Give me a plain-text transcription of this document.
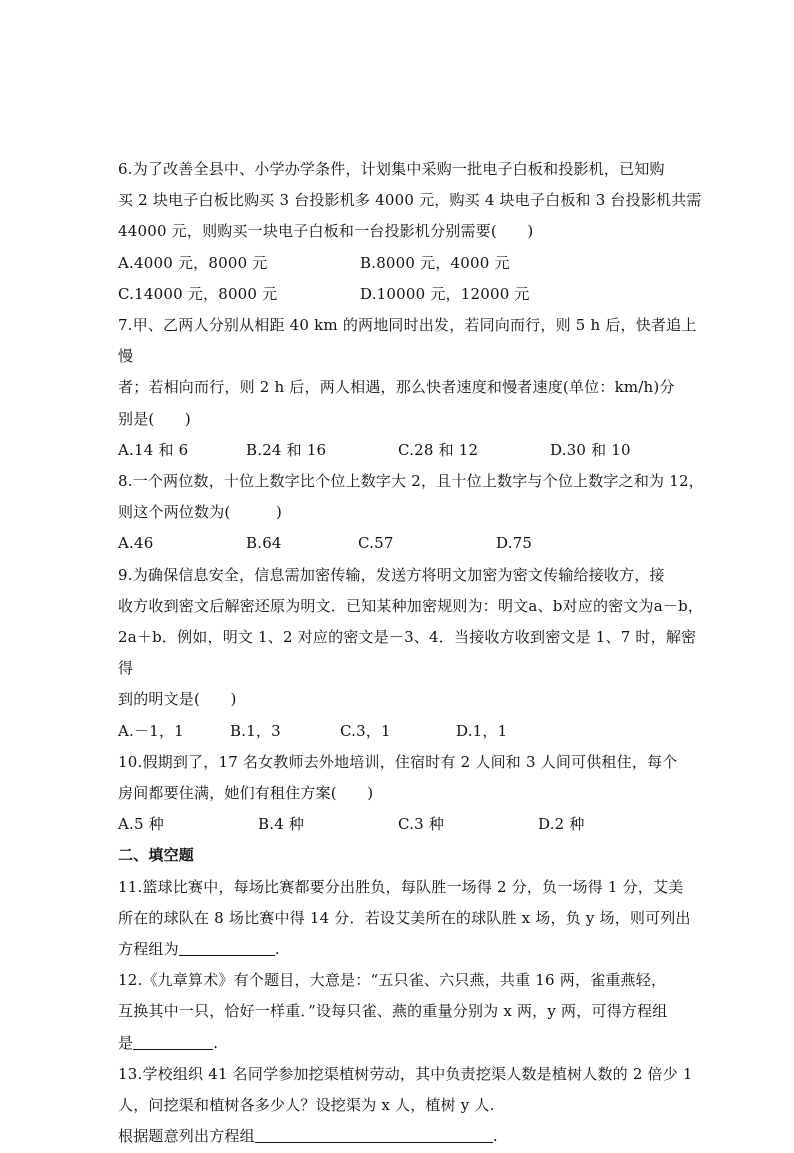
6.为了改善全县中、小学办学条件，计划集中采购一批电子白板和投影机，已知购

买 2 块电子白板比购买 3 台投影机多 4000 元，购买 4 块电子白板和 3 台投影机共需

44000 元，则购买一块电子白板和一台投影机分别需要(　　)

A.4000 元，8000 元	B.8000 元，4000 元
C.14000 元，8000 元	D.10000 元，12000 元

7.甲、乙两人分别从相距 40 km 的两地同时出发，若同向而行，则 5 h 后，快者追上慢

者；若相向而行，则 2 h 后，两人相遇，那么快者速度和慢者速度(单位：km/h)分

别是(　　)

A.14 和 6	B.24 和 16	C.28 和 12	D.30 和 10

8.一个两位数，十位上数字比个位上数字大 2，且十位上数字与个位上数字之和为 12，

则这个两位数为(　　　)

A.46	B.64	C.57	D.75

9.为确保信息安全，信息需加密传输，发送方将明文加密为密文传输给接收方，接

收方收到密文后解密还原为明文．已知某种加密规则为：明文a、b对应的密文为a－b，

2a＋b．例如，明文 1、2 对应的密文是－3、4．当接收方收到密文是 1、7 时，解密得

到的明文是(　　)

A.－1，1	B.1，3	C.3，1	D.1，1

10.假期到了，17 名女教师去外地培训，住宿时有 2 人间和 3 人间可供租住，每个

房间都要住满，她们有租住方案(　　)

A.5 种	B.4 种	C.3 种	D.2 种

二、填空题

11.篮球比赛中，每场比赛都要分出胜负，每队胜一场得 2 分，负一场得 1 分，艾美

所在的球队在 8 场比赛中得 14 分．若设艾美所在的球队胜 x 场，负 y 场，则可列出

方程组为	.

12.《九章算术》有个题目，大意是：“五只雀、六只燕，共重 16 两，雀重燕轻，

互换其中一只，恰好一样重．”设每只雀、燕的重量分别为 x 两，y 两，可得方程组

是	.

13.学校组织 41 名同学参加挖渠植树劳动，其中负责挖渠人数是植树人数的 2 倍少 1

人，问挖渠和植树各多少人？设挖渠为 x 人，植树 y 人.

根据题意列出方程组	.
